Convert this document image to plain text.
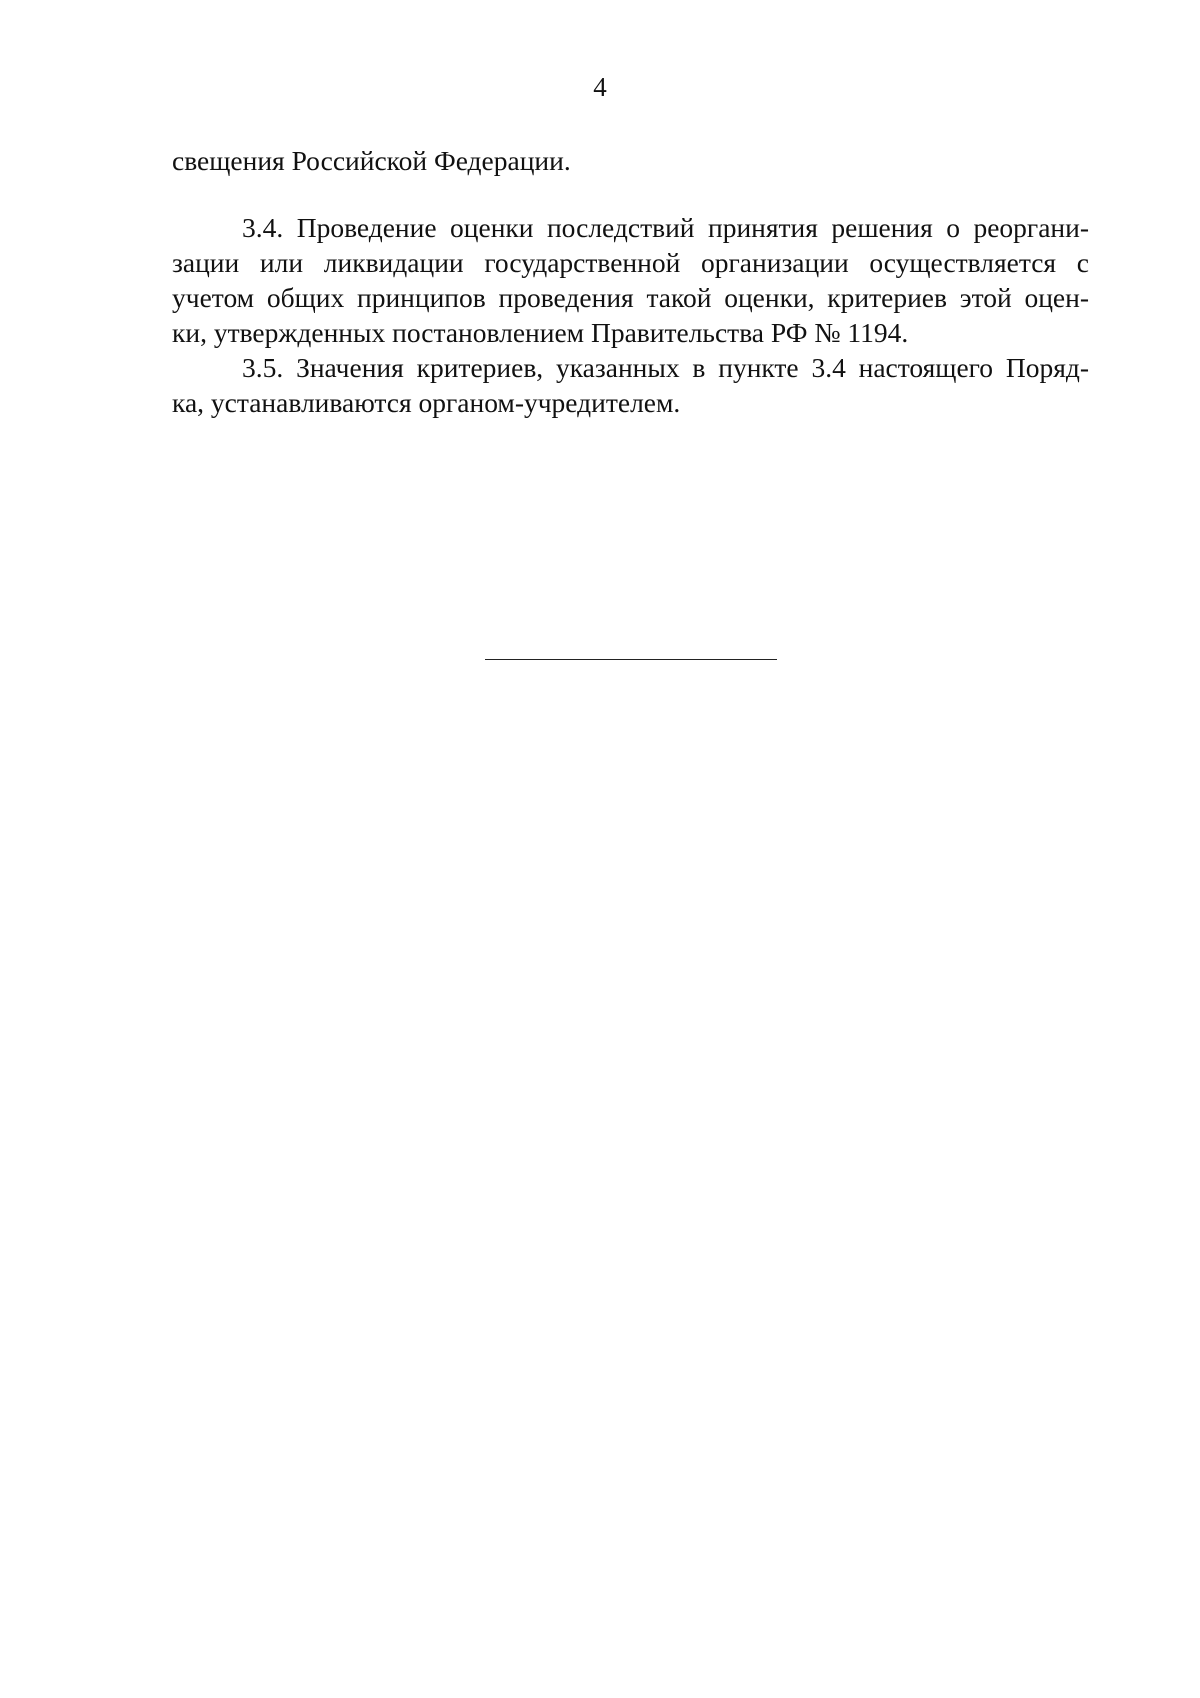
4

свещения Российской Федерации.

3.4. Проведение оценки последствий принятия решения о реоргани-
зации или ликвидации государственной организации осуществляется с
учетом общих принципов проведения такой оценки, критериев этой оцен-
ки, утвержденных постановлением Правительства РФ № 1194.
3.5. Значения критериев, указанных в пункте 3.4 настоящего Поряд-
ка, устанавливаются органом-учредителем.
